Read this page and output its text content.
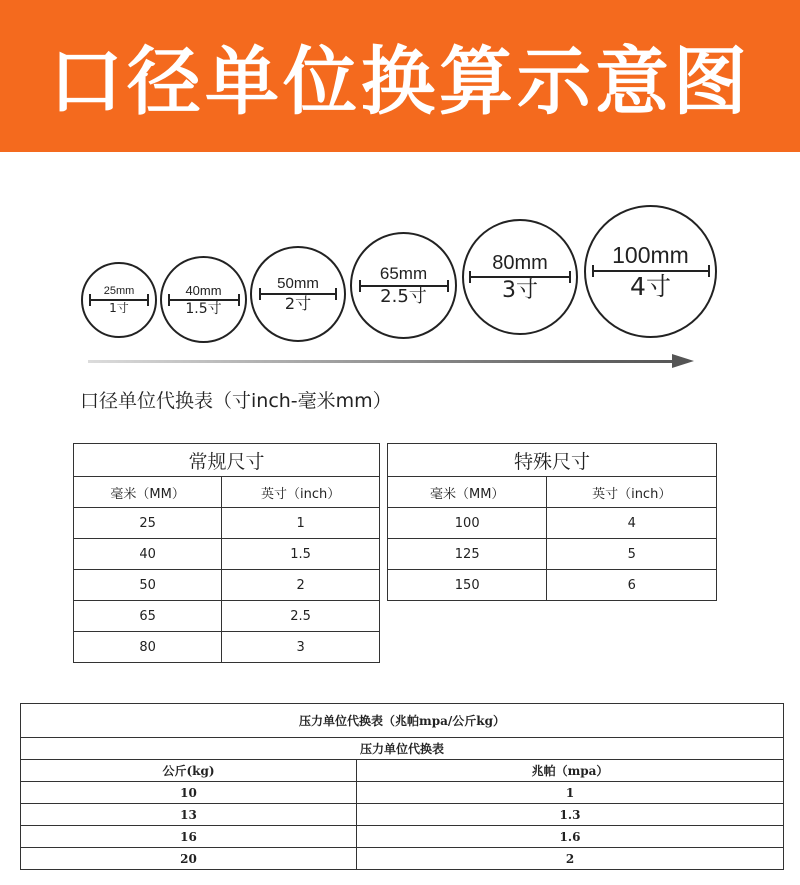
口径单位换算示意图
25mm
1寸
40mm
1.5寸
50mm
2寸
65mm
2.5寸
80mm
3寸
100mm
4寸
口径单位代换表（寸inch-毫米mm）
常规尺寸	
毫米（MM）	英寸（inch）
25	1
40	1.5
50	2
65	2.5
80	3
特殊尺寸	
毫米（MM）	英寸（inch）
100	4
125	5
150	6
压力单位代换表（兆帕mpa/公斤kg）	
压力单位代换表	
公斤(kg)	兆帕（mpa）
10	1
13	1.3
16	1.6
20	2
